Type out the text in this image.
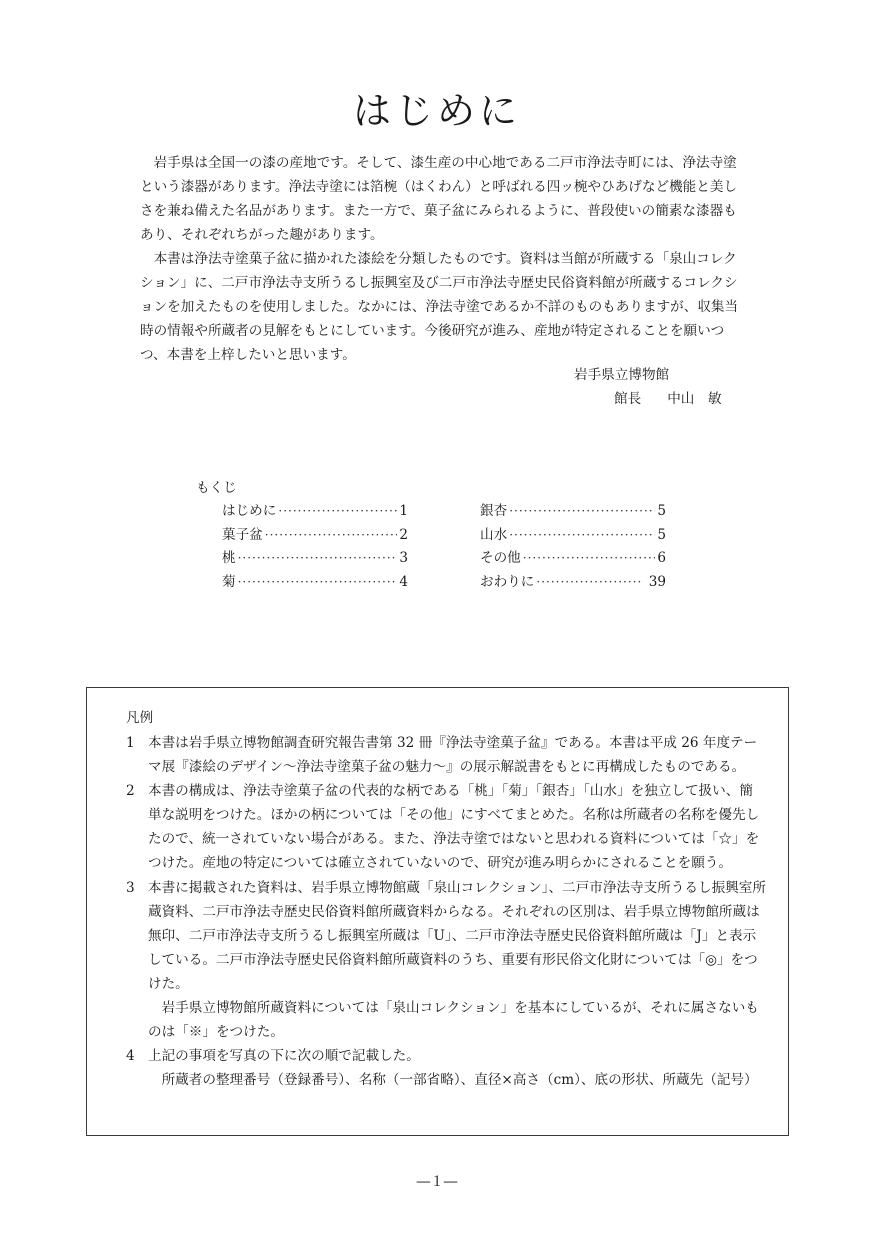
はじめに

岩手県は全国一の漆の産地です。そして、漆生産の中心地である二戸市浄法寺町には、浄法寺塗という漆器があります。浄法寺塗には箔椀（はくわん）と呼ばれる四ッ椀やひあげなど機能と美しさを兼ね備えた名品があります。また一方で、菓子盆にみられるように、普段使いの簡素な漆器もあり、それぞれちがった趣があります。

本書は浄法寺塗菓子盆に描かれた漆絵を分類したものです。資料は当館が所蔵する「泉山コレクション」に、二戸市浄法寺支所うるし振興室及び二戸市浄法寺歴史民俗資料館が所蔵するコレクションを加えたものを使用しました。なかには、浄法寺塗であるか不詳のものもありますが、収集当時の情報や所蔵者の見解をもとにしています。今後研究が進み、産地が特定されることを願いつつ、本書を上梓したいと思います。

岩手県立博物館
館長 中山　敏
もくじ
はじめに ·····	1
菓子盆 ·····	2
桃 ·····	3
菊 ·····	4
銀杏 ·····	5
山水 ·····	5
その他 ·····	6
おわりに ·····	39
凡例
1 本書は岩手県立博物館調査研究報告書第 32 冊『浄法寺塗菓子盆』である。本書は平成 26 年度テーマ展『漆絵のデザイン～浄法寺塗菓子盆の魅力～』の展示解説書をもとに再構成したものである。

2 本書の構成は、浄法寺塗菓子盆の代表的な柄である「桃」「菊」「銀杏」「山水」を独立して扱い、簡単な説明をつけた。ほかの柄については「その他」にすべてまとめた。名称は所蔵者の名称を優先したので、統一されていない場合がある。また、浄法寺塗ではないと思われる資料については「☆」をつけた。産地の特定については確立されていないので、研究が進み明らかにされることを願う。

3 本書に掲載された資料は、岩手県立博物館蔵「泉山コレクション」、二戸市浄法寺支所うるし振興室所蔵資料、二戸市浄法寺歴史民俗資料館所蔵資料からなる。それぞれの区別は、岩手県立博物館所蔵は無印、二戸市浄法寺支所うるし振興室所蔵は「U」、二戸市浄法寺歴史民俗資料館所蔵は「J」と表示している。二戸市浄法寺歴史民俗資料館所蔵資料のうち、重要有形民俗文化財については「◎」をつけた。

岩手県立博物館所蔵資料については「泉山コレクション」を基本にしているが、それに属さないものは「※」をつけた。

4 上記の事項を写真の下に次の順で記載した。

所蔵者の整理番号（登録番号）、名称（一部省略）、直径×高さ（cm）、底の形状、所蔵先（記号）

―１―
